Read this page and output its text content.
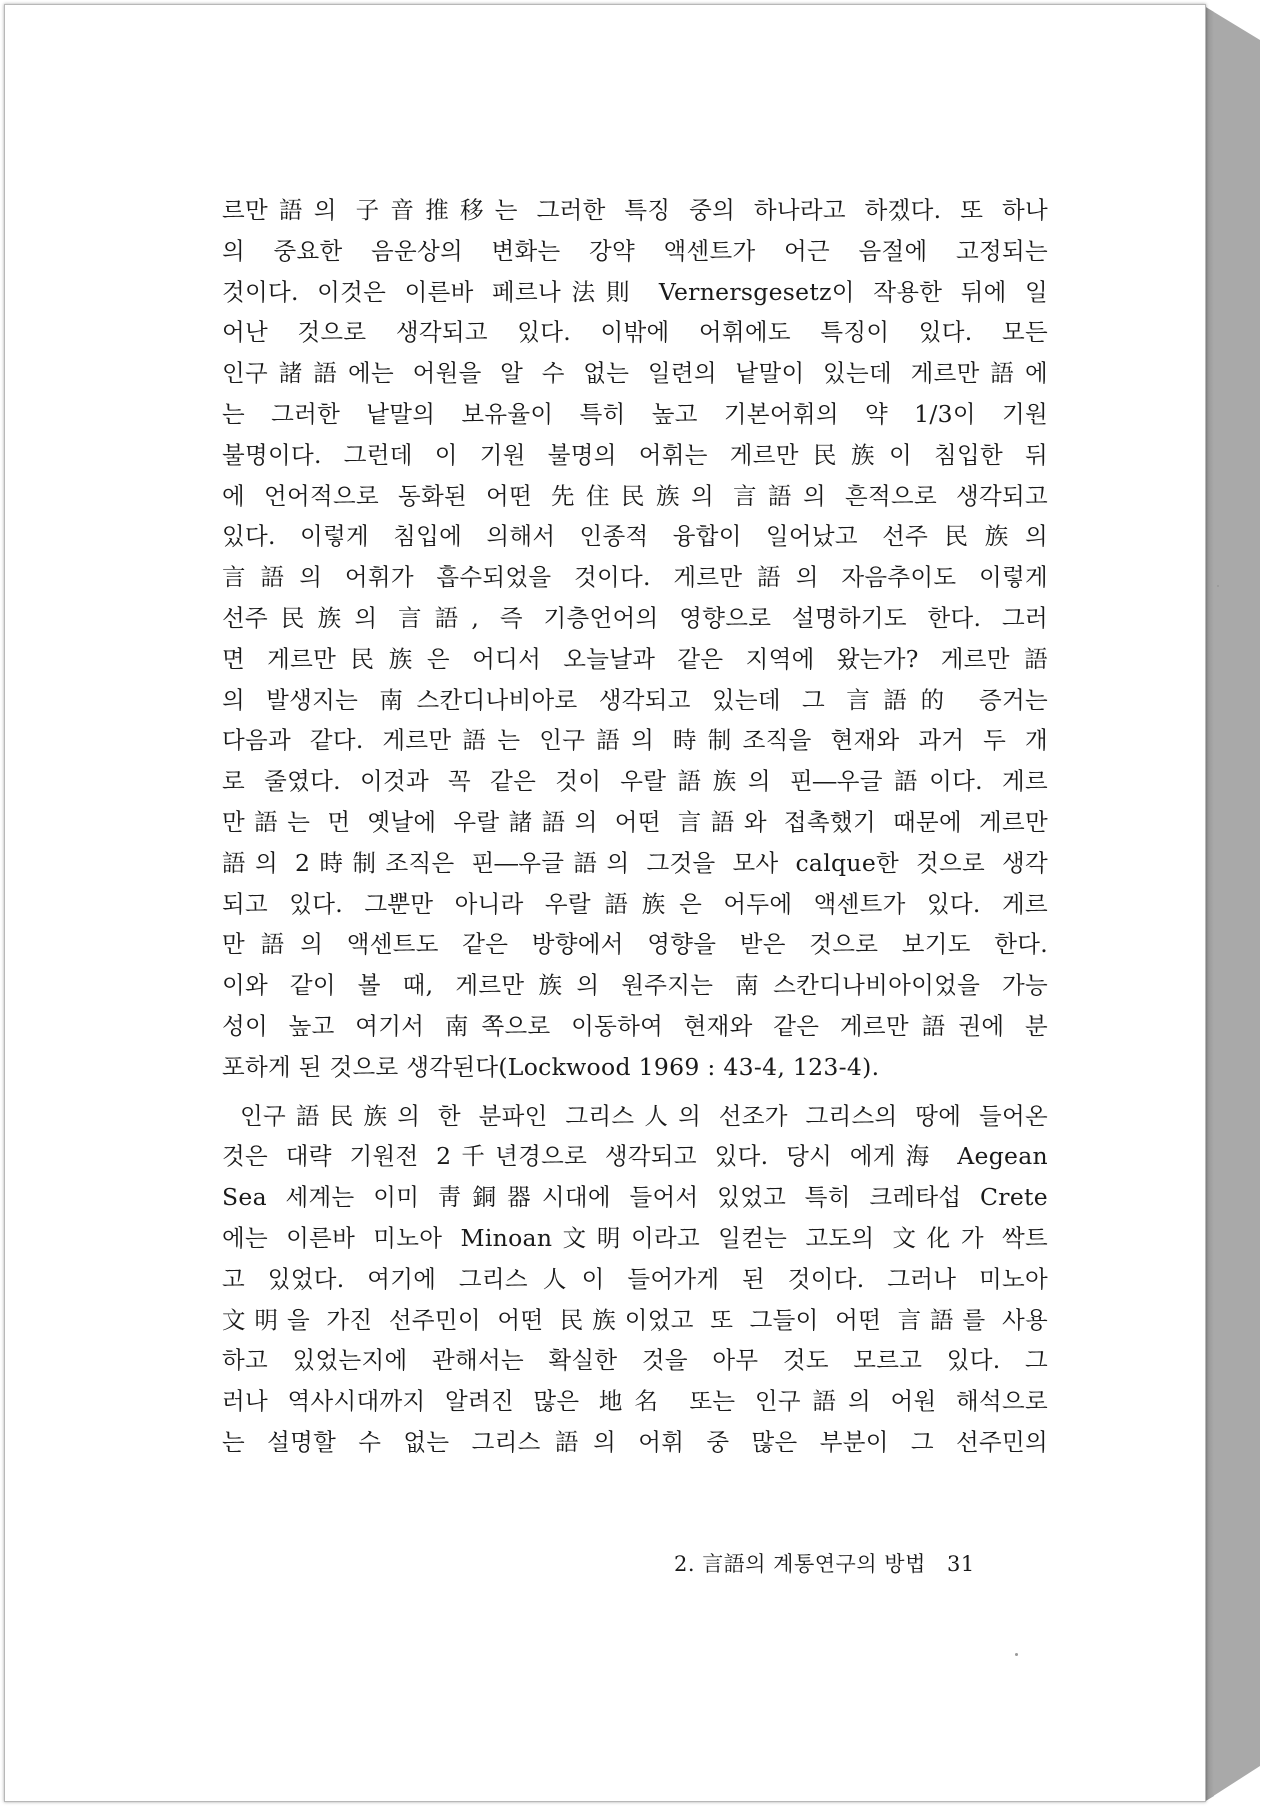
르만語의 子音推移는 그러한 특징 중의 하나라고 하겠다. 또 하나
의 중요한 음운상의 변화는 강약 액센트가 어근 음절에 고정되는
것이다. 이것은 이른바 페르나法則 Vernersgesetz이 작용한 뒤에 일
어난 것으로 생각되고 있다. 이밖에 어휘에도 특징이 있다. 모든
인구諸語에는 어원을 알 수 없는 일련의 낱말이 있는데 게르만語에
는 그러한 낱말의 보유율이 특히 높고 기본어휘의 약 1/3이 기원
불명이다. 그런데 이 기원 불명의 어휘는 게르만民族이 침입한 뒤
에 언어적으로 동화된 어떤 先住民族의 言語의 흔적으로 생각되고
있다. 이렇게 침입에 의해서 인종적 융합이 일어났고 선주民族의
言語의 어휘가 흡수되었을 것이다. 게르만語의 자음추이도 이렇게
선주民族의 言語, 즉 기층언어의 영향으로 설명하기도 한다. 그러
면 게르만民族은 어디서 오늘날과 같은 지역에 왔는가? 게르만語
의 발생지는 南스칸디나비아로 생각되고 있는데 그 言語的 증거는
다음과 같다. 게르만語는 인구語의 時制조직을 현재와 과거 두 개
로 줄였다. 이것과 꼭 같은 것이 우랄語族의 핀―우글語이다. 게르
만語는 먼 옛날에 우랄諸語의 어떤 言語와 접촉했기 때문에 게르만
語의 2時制조직은 핀―우글語의 그것을 모사 calque한 것으로 생각
되고 있다. 그뿐만 아니라 우랄語族은 어두에 액센트가 있다. 게르
만語의 액센트도 같은 방향에서 영향을 받은 것으로 보기도 한다.
이와 같이 볼 때, 게르만族의 원주지는 南스칸디나비아이었을 가능
성이 높고 여기서 南쪽으로 이동하여 현재와 같은 게르만語권에 분
포하게 된 것으로 생각된다(Lockwood 1969 : 43-4, 123-4).
인구語民族의 한 분파인 그리스人의 선조가 그리스의 땅에 들어온
것은 대략 기원전 2千년경으로 생각되고 있다. 당시 에게海 Aegean
Sea 세계는 이미 靑銅器시대에 들어서 있었고 특히 크레타섭 Crete
에는 이른바 미노아 Minoan文明이라고 일컫는 고도의 文化가 싹트
고 있었다. 여기에 그리스人이 들어가게 된 것이다. 그러나 미노아
文明을 가진 선주민이 어떤 民族이었고 또 그들이 어떤 言語를 사용
하고 있었는지에 관해서는 확실한 것을 아무 것도 모르고 있다. 그
러나 역사시대까지 알려진 많은 地名 또는 인구語의 어원 해석으로
는 설명할 수 없는 그리스語의 어휘 중 많은 부분이 그 선주민의
2. 言語의 계통연구의 방법 31
